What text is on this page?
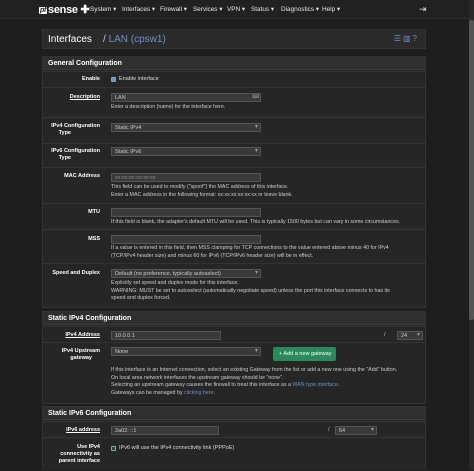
pf sense ✚ System ▾ Interfaces ▾ Firewall ▾ Services ▾ VPN ▾ Status ▾ Diagnostics ▾ Help ▾	⇥
Interfaces / LAN (cpsw1)	☰▥?
General Configuration
Enable	Enable interface
Description	LAN	⌨
Enter a description (name) for the interface here.
IPv4 Configuration
Type
Static IPv4 ▾
IPv6 Configuration
Type
Static IPv6 ▾
MAC Address	xx:xx:xx:xx:xx:xx
This field can be used to modify ("spoof") the MAC address of this interface.
Enter a MAC address in the following format: xx:xx:xx:xx:xx:xx or leave blank.
MTU
If this field is blank, the adapter's default MTU will be used. This is typically 1500 bytes but can vary in some circumstances.
MSS
If a value is entered in this field, then MSS clamping for TCP connections to the value entered above minus 40 for IPv4
(TCP/IPv4 header size) and minus 60 for IPv6 (TCP/IPv6 header size) will be in effect.
Speed and Duplex	Default (no preference, typically autoselect) ▾
Explicitly set speed and duplex mode for this interface.
WARNING: MUST be set to autoselect (automatically negotiate speed) unless the port this interface connects to has its
speed and duplex forced.
Static IPv4 Configuration
IPv4 Address	10.0.0.1	/	24 ▾
IPv4 Upstream
gateway
None ▾	+ Add a new gateway
If this interface is an Internet connection, select an existing Gateway from the list or add a new one using the "Add" button.
On local area network interfaces the upstream gateway should be "none".
Selecting an upstream gateway causes the firewall to treat this interface as a WAN type interface.
Gateways can be managed by clicking here.
Static IPv6 Configuration
IPv6 address	2a02: ::1	/	64 ▾
Use IPv4
connectivity as
parent interface
IPv6 will use the IPv4 connectivity link (PPPoE)
